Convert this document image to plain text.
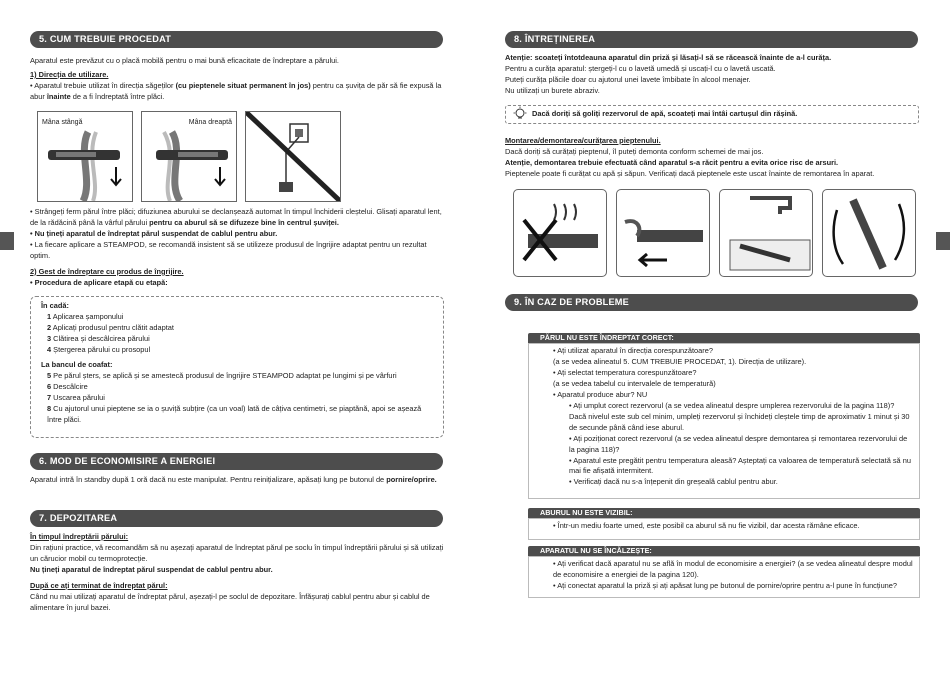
5. CUM TREBUIE PROCEDAT

Aparatul este prevăzut cu o placă mobilă pentru o mai bună eficacitate de îndreptare a părului.

1) Direcția de utilizare.

• Aparatul trebuie utilizat în direcția săgeților (cu pieptenele situat permanent în jos) pentru ca șuvița de păr să fie expusă la abur înainte de a fi îndreptată între plăci.

Mâna stângă	Mâna dreaptă

• Strângeți ferm părul între plăci; difuziunea aburului se declanșează automat în timpul închiderii cleștelui. Glisați aparatul lent, de la rădăcină până la vârful părului pentru ca aburul să se difuzeze bine în centrul șuviței.

• Nu țineți aparatul de îndreptat părul suspendat de cablul pentru abur.

• La fiecare aplicare a STEAMPOD, se recomandă insistent să se utilizeze produsul de îngrijire adaptat pentru un rezultat optim.

2) Gest de îndreptare cu produs de îngrijire.

• Procedura de aplicare etapă cu etapă:

În cadă:

1 Aplicarea șamponului

2 Aplicați produsul pentru clătit adaptat

3 Clătirea și descâlcirea părului

4 Ștergerea părului cu prosopul

La bancul de coafat:

5 Pe părul șters, se aplică și se amestecă produsul de îngrijire STEAMPOD adaptat pe lungimi și pe vârfuri

6 Descâlcire

7 Uscarea părului

8 Cu ajutorul unui pieptene se ia o șuviță subțire (ca un voal) lată de câțiva centimetri, se piaptănă, apoi se așează între plăci.

6. MOD DE ECONOMISIRE A ENERGIEI

Aparatul intră în standby după 1 oră dacă nu este manipulat. Pentru reinițializare, apăsați lung pe butonul de pornire/oprire.

7. DEPOZITAREA

În timpul îndreptării părului:

Din rațiuni practice, vă recomandăm să nu așezați aparatul de îndreptat părul pe soclu în timpul îndreptării părului și să utilizați un cărucior mobil cu termoprotecție.

Nu țineți aparatul de îndreptat părul suspendat de cablul pentru abur.

După ce ați terminat de îndreptat părul:

Când nu mai utilizați aparatul de îndreptat părul, așezați-l pe soclul de depozitare. Înfășurați cablul pentru abur și cablul de alimentare în jurul bazei.

8. ÎNTREȚINEREA

Atenție: scoateți întotdeauna aparatul din priză și lăsați-l să se răcească înainte de a-l curăța.

Pentru a curăța aparatul: ștergeți-l cu o lavetă umedă și uscați-l cu o lavetă uscată.

Puteți curăța plăcile doar cu ajutorul unei lavete îmbibate în alcool menajer.

Nu utilizați un burete abraziv.

Dacă doriți să goliți rezervorul de apă, scoateți mai întâi cartușul din rășină.

Montarea/demontarea/curățarea pieptenului.

Dacă doriți să curățați pieptenul, îl puteți demonta conform schemei de mai jos.

Atenție, demontarea trebuie efectuată când aparatul s-a răcit pentru a evita orice risc de arsuri.

Pieptenele poate fi curățat cu apă și săpun. Verificați dacă pieptenele este uscat înainte de remontarea în aparat.

9. ÎN CAZ DE PROBLEME
PĂRUL NU ESTE ÎNDREPTAT CORECT:

• Ați utilizat aparatul în direcția corespunzătoare?

(a se vedea alineatul 5. CUM TREBUIE PROCEDAT, 1). Direcția de utilizare).

• Ați selectat temperatura corespunzătoare?

(a se vedea tabelul cu intervalele de temperatură)

• Aparatul produce abur? NU

• Ați umplut corect rezervorul (a se vedea alineatul despre umplerea rezervorului de la pagina 118)? Dacă nivelul este sub cel minim, umpleți rezervorul și închideți cleștele timp de aproximativ 1 minut și 30 de secunde până când iese aburul.

• Ați poziționat corect rezervorul (a se vedea alineatul despre demontarea și remontarea rezervorului de la pagina 118)?

• Aparatul este pregătit pentru temperatura aleasă? Așteptați ca valoarea de temperatură selectată să nu mai fie afișată intermitent.

• Verificați dacă nu s-a înțepenit din greșeală cablul pentru abur.

ABURUL NU ESTE VIZIBIL:

• Într-un mediu foarte umed, este posibil ca aburul să nu fie vizibil, dar acesta rămâne eficace.

APARATUL NU SE ÎNCĂLZEȘTE:

• Ați verificat dacă aparatul nu se află în modul de economisire a energiei? (a se vedea alineatul despre modul de economisire a energiei de la pagina 120).

• Ați conectat aparatul la priză și ați apăsat lung pe butonul de pornire/oprire pentru a-l pune în funcțiune?
